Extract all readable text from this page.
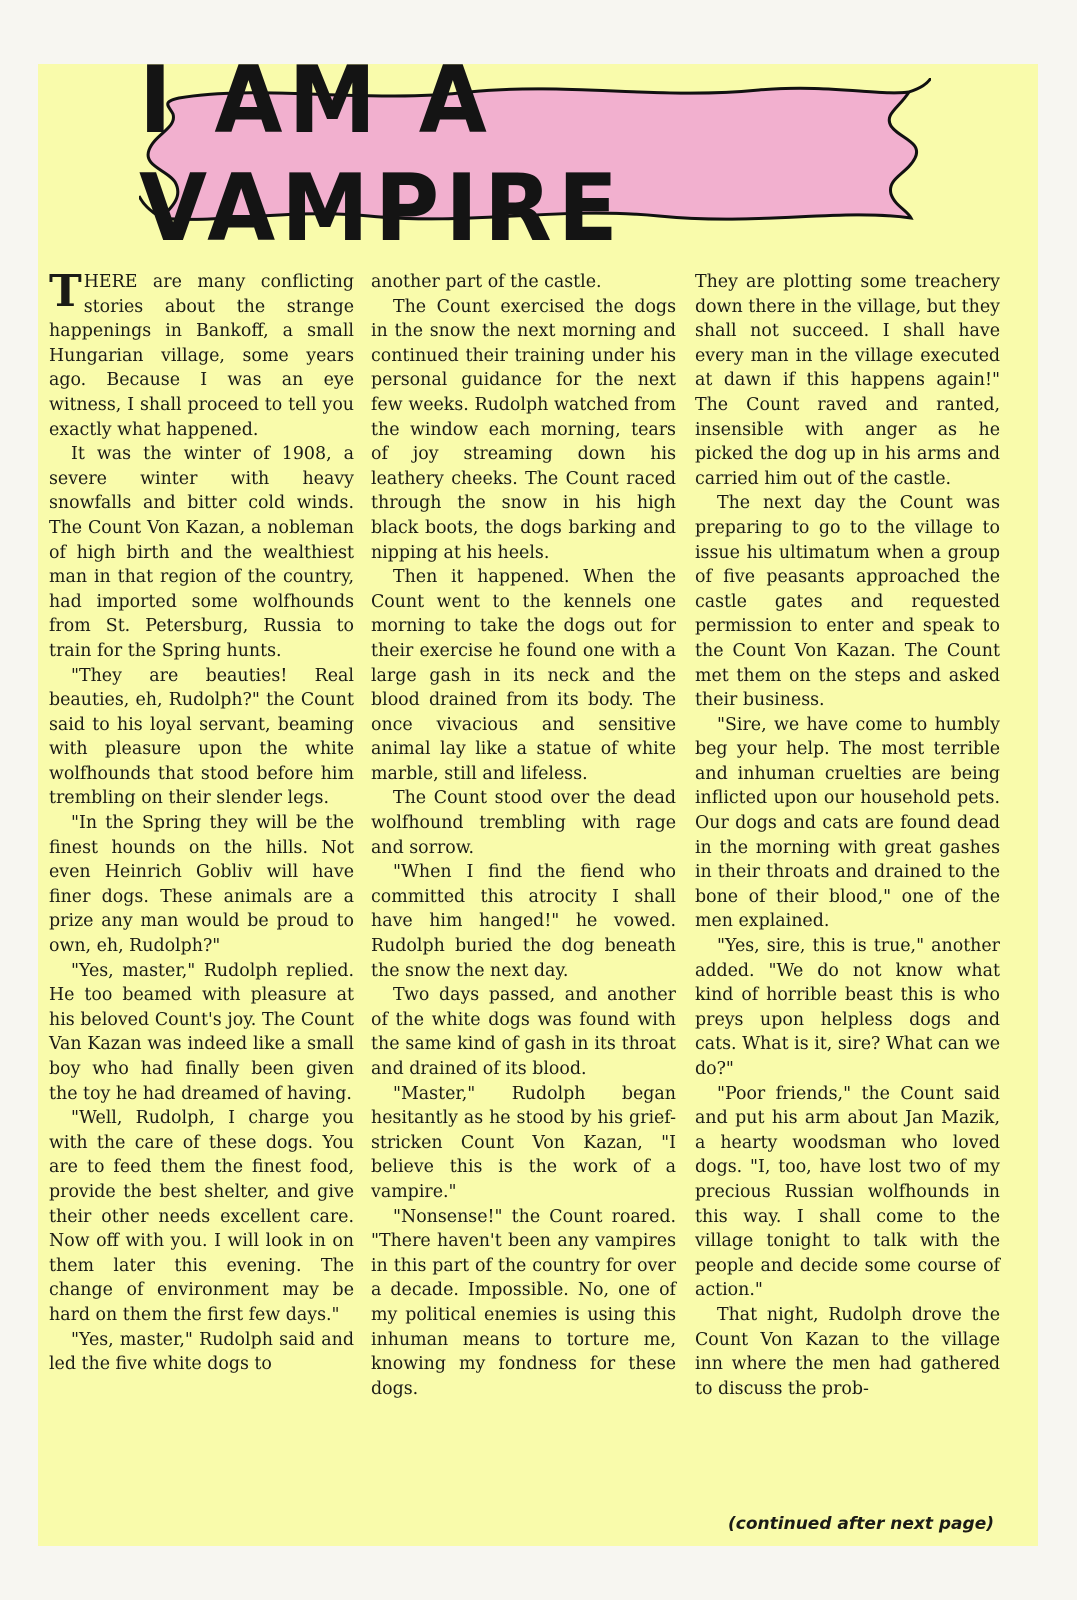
I AM A VAMPIRE

THERE are many conflicting stories about the strange happenings in Bankoff, a small Hungarian village, some years ago. Because I was an eye witness, I shall proceed to tell you exactly what happened.

It was the winter of 1908, a severe winter with heavy snowfalls and bitter cold winds. The Count Von Kazan, a nobleman of high birth and the wealthiest man in that region of the country, had imported some wolfhounds from St. Petersburg, Russia to train for the Spring hunts.

"They are beauties! Real beauties, eh, Rudolph?" the Count said to his loyal servant, beaming with pleasure upon the white wolfhounds that stood before him trembling on their slender legs.

"In the Spring they will be the finest hounds on the hills. Not even Heinrich Gobliv will have finer dogs. These animals are a prize any man would be proud to own, eh, Rudolph?"

"Yes, master," Rudolph replied. He too beamed with pleasure at his beloved Count's joy. The Count Van Kazan was indeed like a small boy who had finally been given the toy he had dreamed of having.

"Well, Rudolph, I charge you with the care of these dogs. You are to feed them the finest food, provide the best shelter, and give their other needs excellent care. Now off with you. I will look in on them later this evening. The change of environment may be hard on them the first few days."

"Yes, master," Rudolph said and led the five white dogs to

another part of the castle.

The Count exercised the dogs in the snow the next morning and continued their training under his personal guidance for the next few weeks. Rudolph watched from the window each morning, tears of joy streaming down his leathery cheeks. The Count raced through the snow in his high black boots, the dogs barking and nipping at his heels.

Then it happened. When the Count went to the kennels one morning to take the dogs out for their exercise he found one with a large gash in its neck and the blood drained from its body. The once vivacious and sensitive animal lay like a statue of white marble, still and lifeless.

The Count stood over the dead wolfhound trembling with rage and sorrow.

"When I find the fiend who committed this atrocity I shall have him hanged!" he vowed. Rudolph buried the dog beneath the snow the next day.

Two days passed, and another of the white dogs was found with the same kind of gash in its throat and drained of its blood.

"Master," Rudolph began hesitantly as he stood by his grief-stricken Count Von Kazan, "I believe this is the work of a vampire."

"Nonsense!" the Count roared. "There haven't been any vampires in this part of the country for over a decade. Impossible. No, one of my political enemies is using this inhuman means to torture me, knowing my fondness for these dogs.

They are plotting some treachery down there in the village, but they shall not succeed. I shall have every man in the village executed at dawn if this happens again!" The Count raved and ranted, insensible with anger as he picked the dog up in his arms and carried him out of the castle.

The next day the Count was preparing to go to the village to issue his ultimatum when a group of five peasants approached the castle gates and requested permission to enter and speak to the Count Von Kazan. The Count met them on the steps and asked their business.

"Sire, we have come to humbly beg your help. The most terrible and inhuman cruelties are being inflicted upon our household pets. Our dogs and cats are found dead in the morning with great gashes in their throats and drained to the bone of their blood," one of the men explained.

"Yes, sire, this is true," another added. "We do not know what kind of horrible beast this is who preys upon helpless dogs and cats. What is it, sire? What can we do?"

"Poor friends," the Count said and put his arm about Jan Mazik, a hearty woodsman who loved dogs. "I, too, have lost two of my precious Russian wolfhounds in this way. I shall come to the village tonight to talk with the people and decide some course of action."

That night, Rudolph drove the Count Von Kazan to the village inn where the men had gathered to discuss the prob-

(continued after next page)
